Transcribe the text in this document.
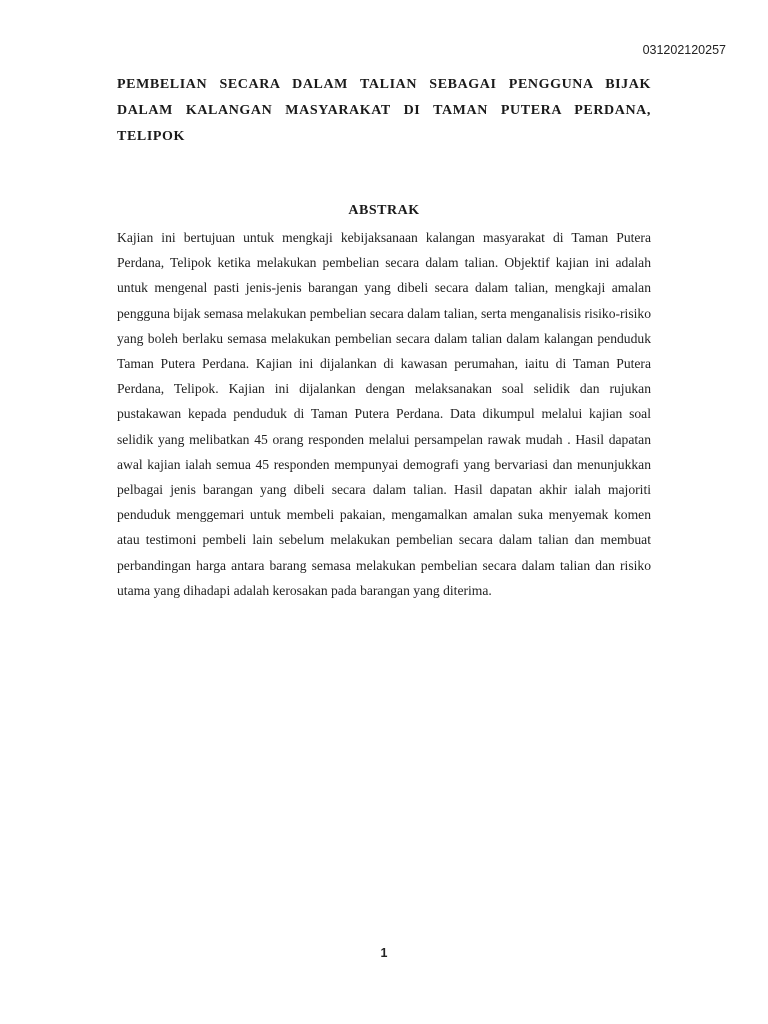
031202120257
PEMBELIAN SECARA DALAM TALIAN SEBAGAI PENGGUNA BIJAK DALAM KALANGAN MASYARAKAT DI TAMAN PUTERA PERDANA, TELIPOK
ABSTRAK

Kajian ini bertujuan untuk mengkaji kebijaksanaan kalangan masyarakat di Taman Putera Perdana, Telipok ketika melakukan pembelian secara dalam talian. Objektif kajian ini adalah untuk mengenal pasti jenis-jenis barangan yang dibeli secara dalam talian, mengkaji amalan pengguna bijak semasa melakukan pembelian secara dalam talian, serta menganalisis risiko-risiko yang boleh berlaku semasa melakukan pembelian secara dalam talian dalam kalangan penduduk Taman Putera Perdana. Kajian ini dijalankan di kawasan perumahan, iaitu di Taman Putera Perdana, Telipok. Kajian ini dijalankan dengan melaksanakan soal selidik dan rujukan pustakawan kepada penduduk di Taman Putera Perdana. Data dikumpul melalui kajian soal selidik yang melibatkan 45 orang responden melalui persampelan rawak mudah . Hasil dapatan awal kajian ialah semua 45 responden mempunyai demografi yang bervariasi dan menunjukkan pelbagai jenis barangan yang dibeli secara dalam talian. Hasil dapatan akhir ialah majoriti penduduk menggemari untuk membeli pakaian, mengamalkan amalan suka menyemak komen atau testimoni pembeli lain sebelum melakukan pembelian secara dalam talian dan membuat perbandingan harga antara barang semasa melakukan pembelian secara dalam talian dan risiko utama yang dihadapi adalah kerosakan pada barangan yang diterima.

1
